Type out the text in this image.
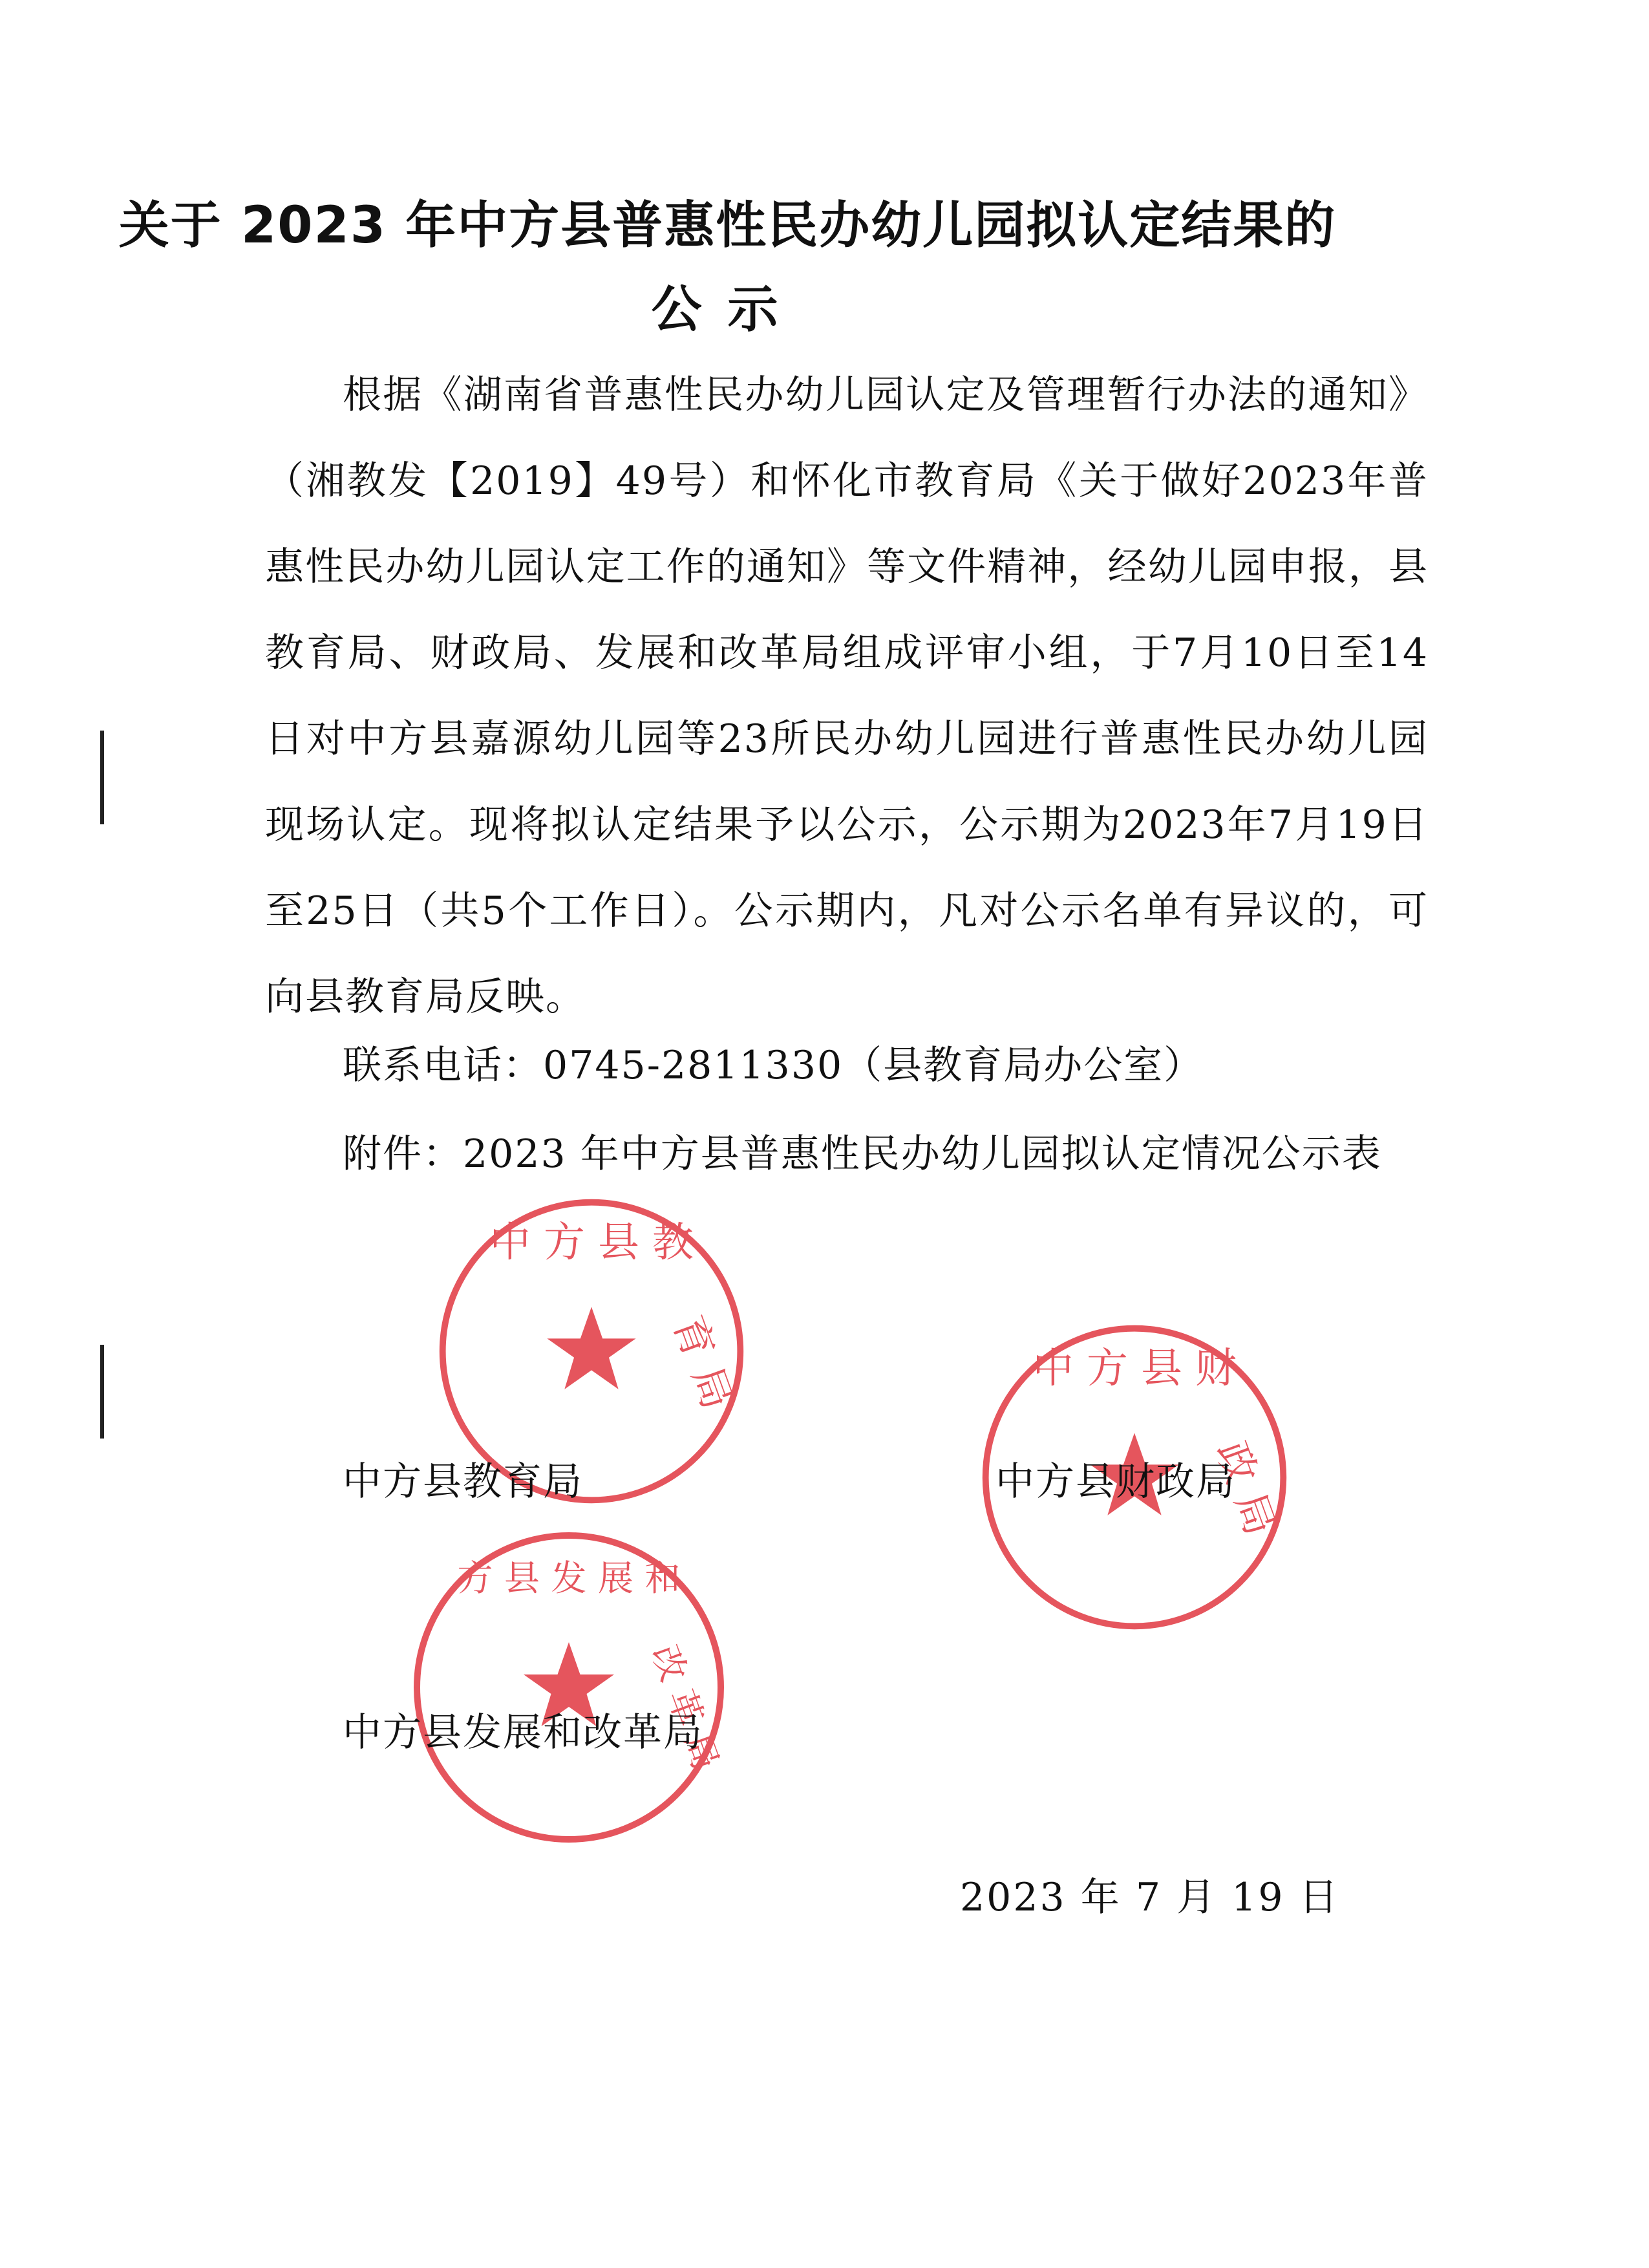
关于 2023 年中方县普惠性民办幼儿园拟认定结果的
公示
根据《湖南省普惠性民办幼儿园认定及管理暂行办法的通知》（湘教发【2019】49号）和怀化市教育局《关于做好2023年普惠性民办幼儿园认定工作的通知》等文件精神，经幼儿园申报，县教育局、财政局、发展和改革局组成评审小组，于7月10日至14日对中方县嘉源幼儿园等23所民办幼儿园进行普惠性民办幼儿园现场认定。现将拟认定结果予以公示，公示期为2023年7月19日至25日（共5个工作日）。公示期内，凡对公示名单有异议的，可向县教育局反映。
联系电话：0745-2811330（县教育局办公室）
附件：2023 年中方县普惠性民办幼儿园拟认定情况公示表
中 方 县 教
育 局	中 方 县 财
政 局
方 县 发 展 和
改 革 局
中方县教育局	中方县财政局
中方县发展和改革局
2023 年 7 月 19 日
